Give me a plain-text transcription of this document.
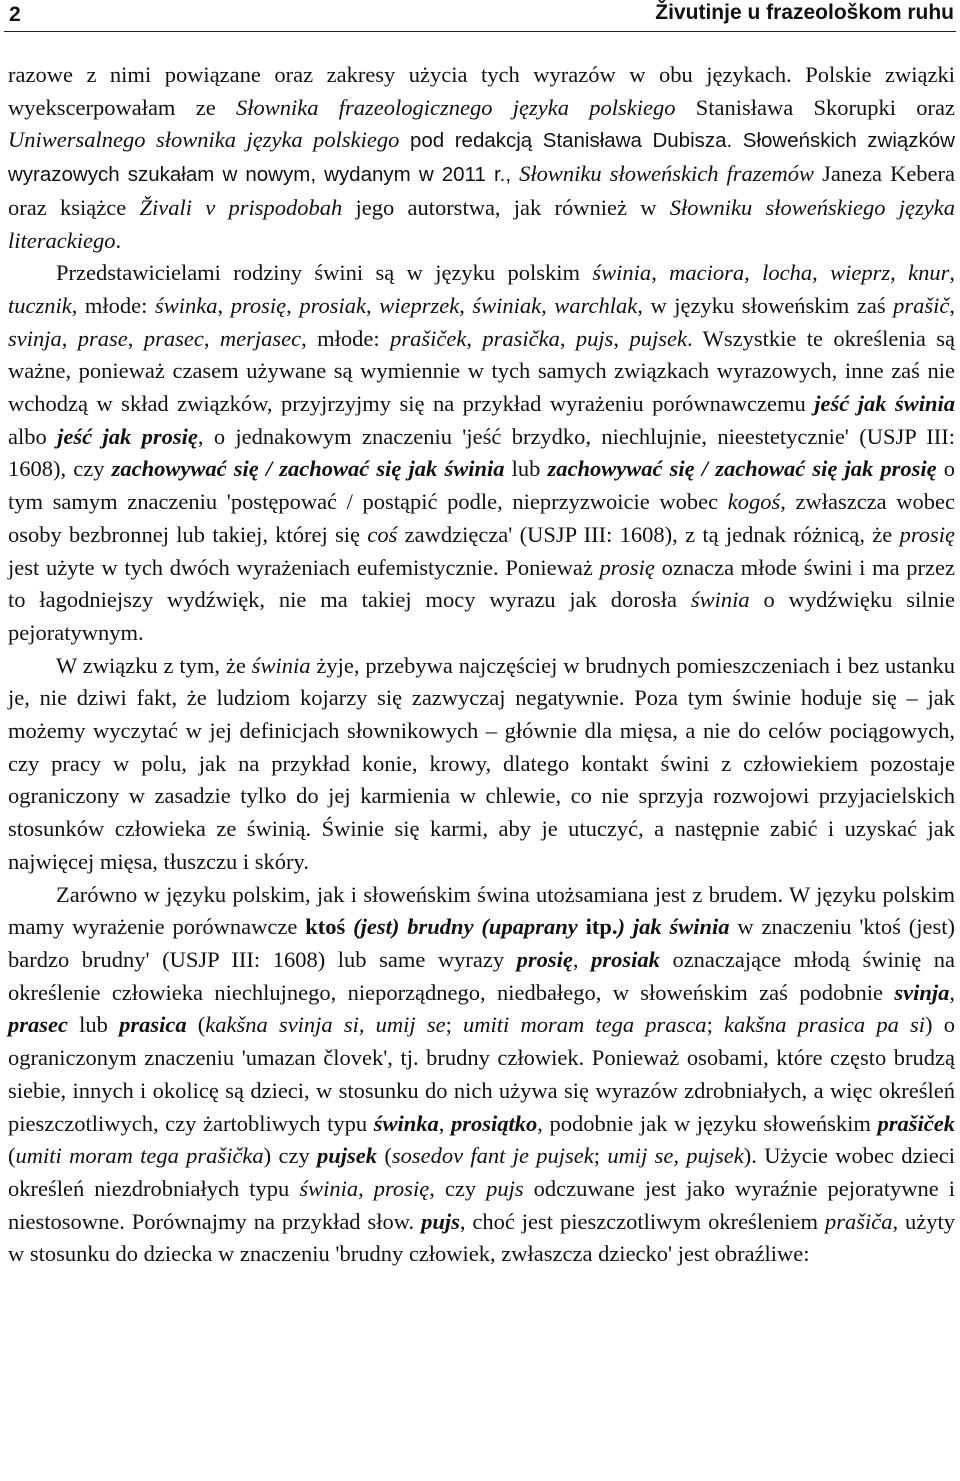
2	Živutinje u frazeološkom ruhu

razowe z nimi powiązane oraz zakresy użycia tych wyrazów w obu językach. Polskie związki wyekscerpowałam ze Słownika frazeologicznego języka polskiego Stanisława Skorupki oraz Uniwersalnego słownika języka polskiego pod redakcją Stanisława Dubisza. Słoweńskich związków wyrazowych szukałam w nowym, wydanym w 2011 r., Słowniku słoweńskich frazemów Janeza Kebera oraz książce Živali v prispodobah jego autorstwa, jak również w Słowniku słoweńskiego języka literackiego.

Przedstawicielami rodziny świni są w języku polskim świnia, maciora, locha, wieprz, knur, tucznik, młode: świnka, prosię, prosiak, wieprzek, świniak, warchlak, w języku słoweńskim zaś prašič, svinja, prase, prasec, merjasec, młode: prašiček, prasička, pujs, pujsek. Wszystkie te określenia są ważne, ponieważ czasem używane są wymiennie w tych samych związkach wyrazowych, inne zaś nie wchodzą w skład związków, przyjrzyjmy się na przykład wyrażeniu porównawczemu jeść jak świnia albo jeść jak prosię, o jednakowym znaczeniu 'jeść brzydko, niechlujnie, nieestetycznie' (USJP III: 1608), czy zachowywać się / zachować się jak świnia lub zachowywać się / zachować się jak prosię o tym samym znaczeniu 'postępować / postąpić podle, nieprzyzwoicie wobec kogoś, zwłaszcza wobec osoby bezbronnej lub takiej, której się coś zawdzięcza' (USJP III: 1608), z tą jednak różnicą, że prosię jest użyte w tych dwóch wyrażeniach eufemistycznie. Ponieważ prosię oznacza młode świni i ma przez to łagodniejszy wydźwięk, nie ma takiej mocy wyrazu jak dorosła świnia o wydźwięku silnie pejoratywnym.

W związku z tym, że świnia żyje, przebywa najczęściej w brudnych pomieszczeniach i bez ustanku je, nie dziwi fakt, że ludziom kojarzy się zazwyczaj negatywnie. Poza tym świnie hoduje się – jak możemy wyczytać w jej definicjach słownikowych – głównie dla mięsa, a nie do celów pociągowych, czy pracy w polu, jak na przykład konie, krowy, dlatego kontakt świni z człowiekiem pozostaje ograniczony w zasadzie tylko do jej karmienia w chlewie, co nie sprzyja rozwojowi przyjacielskich stosunków człowieka ze świnią. Świnie się karmi, aby je utuczyć, a następnie zabić i uzyskać jak najwięcej mięsa, tłuszczu i skóry.

Zarówno w języku polskim, jak i słoweńskim świna utożsamiana jest z brudem. W języku polskim mamy wyrażenie porównawcze ktoś (jest) brudny (upaprany itp.) jak świnia w znaczeniu 'ktoś (jest) bardzo brudny' (USJP III: 1608) lub same wyrazy prosię, prosiak oznaczające młodą świnię na określenie człowieka niechlujnego, nieporządnego, niedbałego, w słoweńskim zaś podobnie svinja, prasec lub prasica (kakšna svinja si, umij se; umiti moram tega prasca; kakšna prasica pa si) o ograniczonym znaczeniu 'umazan človek', tj. brudny człowiek. Ponieważ osobami, które często brudzą siebie, innych i okolicę są dzieci, w stosunku do nich używa się wyrazów zdrobniałych, a więc określeń pieszczotliwych, czy żartobliwych typu świnka, prosiątko, podobnie jak w języku słoweńskim prašiček (umiti moram tega prašička) czy pujsek (sosedov fant je pujsek; umij se, pujsek). Użycie wobec dzieci określeń niezdrobniałych typu świnia, prosię, czy pujs odczuwane jest jako wyraźnie pejoratywne i niestosowne. Porównajmy na przykład słow. pujs, choć jest pieszczotliwym określeniem prašiča, użyty w stosunku do dziecka w znaczeniu 'brudny człowiek, zwłaszcza dziecko' jest obraźliwe:
